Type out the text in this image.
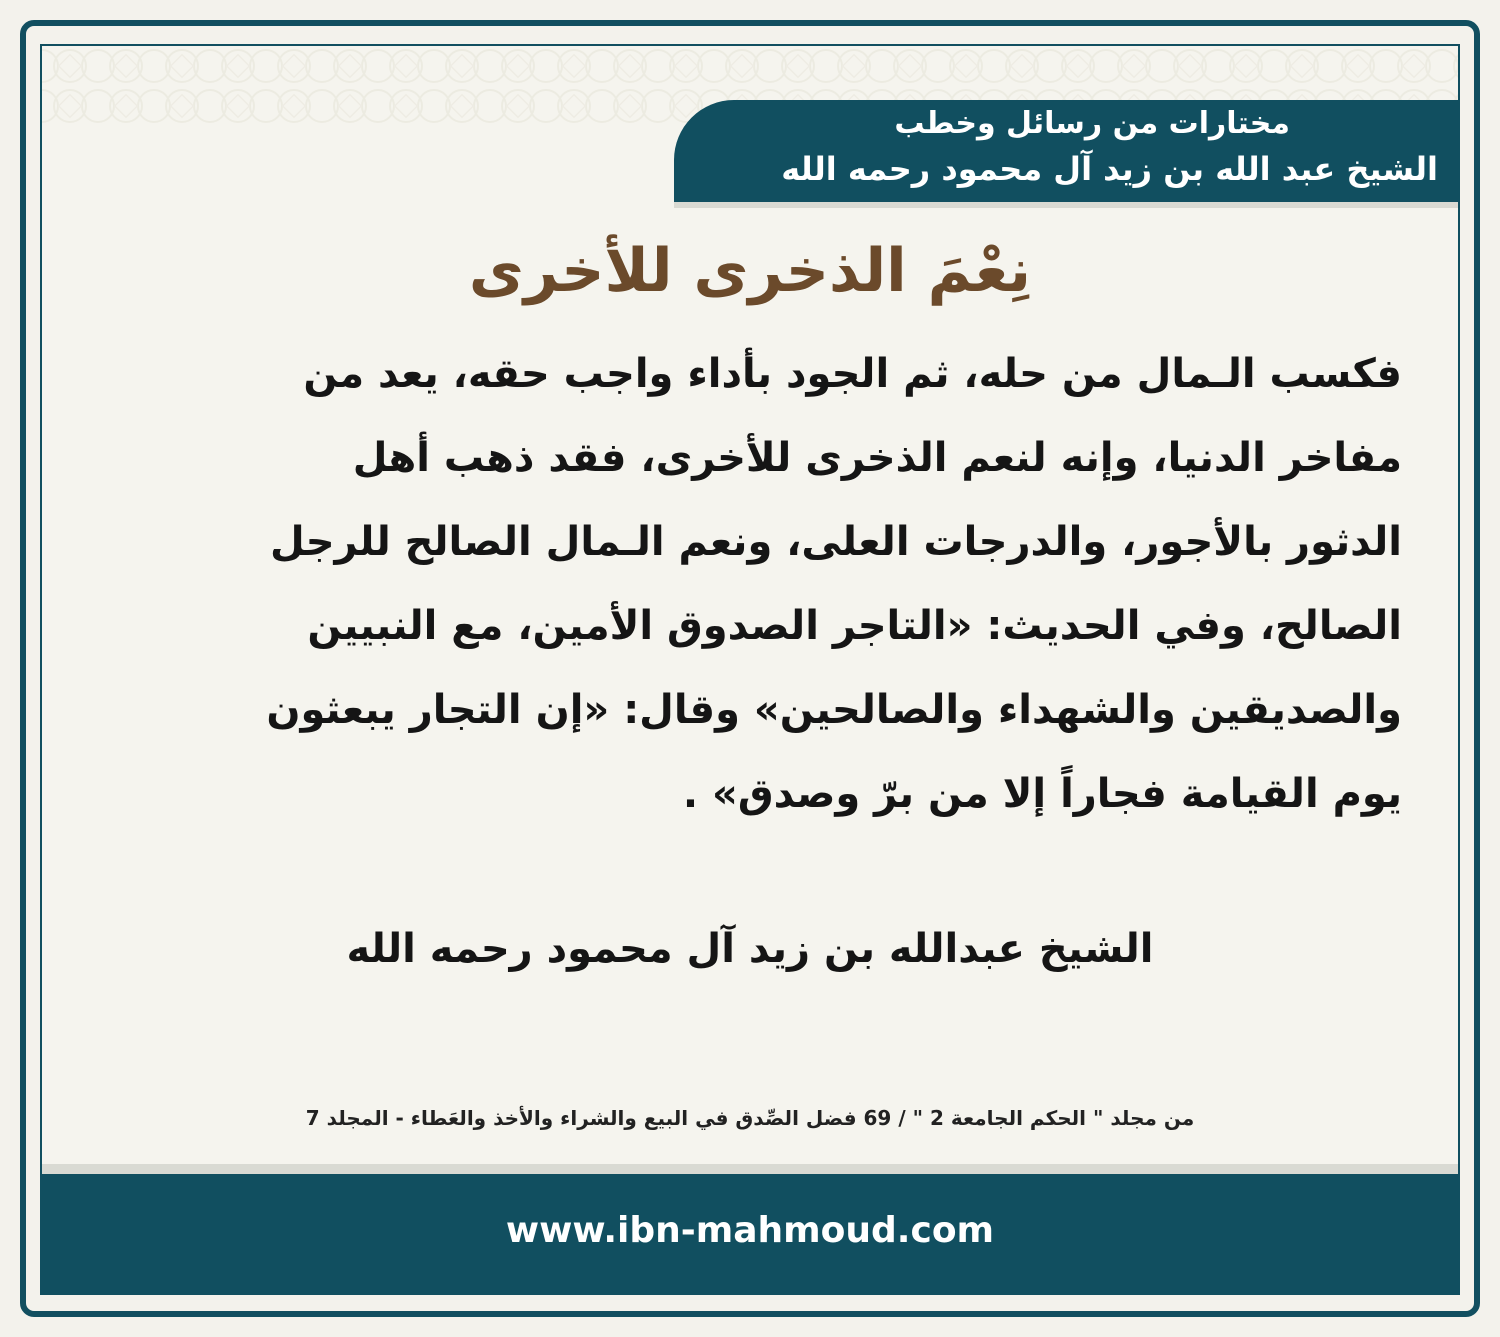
مختارات من رسائل وخطب
الشيخ عبد الله بن زيد آل محمود رحمه الله
نِعْمَ الذخرى للأخرى
فكسب الـمال من حله، ثم الجود بأداء واجب حقه، يعد من
مفاخر الدنيا، وإنه لنعم الذخرى للأخرى، فقد ذهب أهل
الدثور بالأجور، والدرجات العلى، ونعم الـمال الصالح للرجل
الصالح، وفي الحديث: «التاجر الصدوق الأمين، مع النبيين
والصديقين والشهداء والصالحين» وقال: «إن التجار يبعثون
يوم القيامة فجاراً إلا من برّ وصدق» .
الشيخ عبدالله بن زيد آل محمود رحمه الله
من مجلد " الحكم الجامعة 2 " / 69 فضل الصِّدق في البيع والشراء والأخذ والعَطاء - المجلد 7
www.ibn-mahmoud.com
